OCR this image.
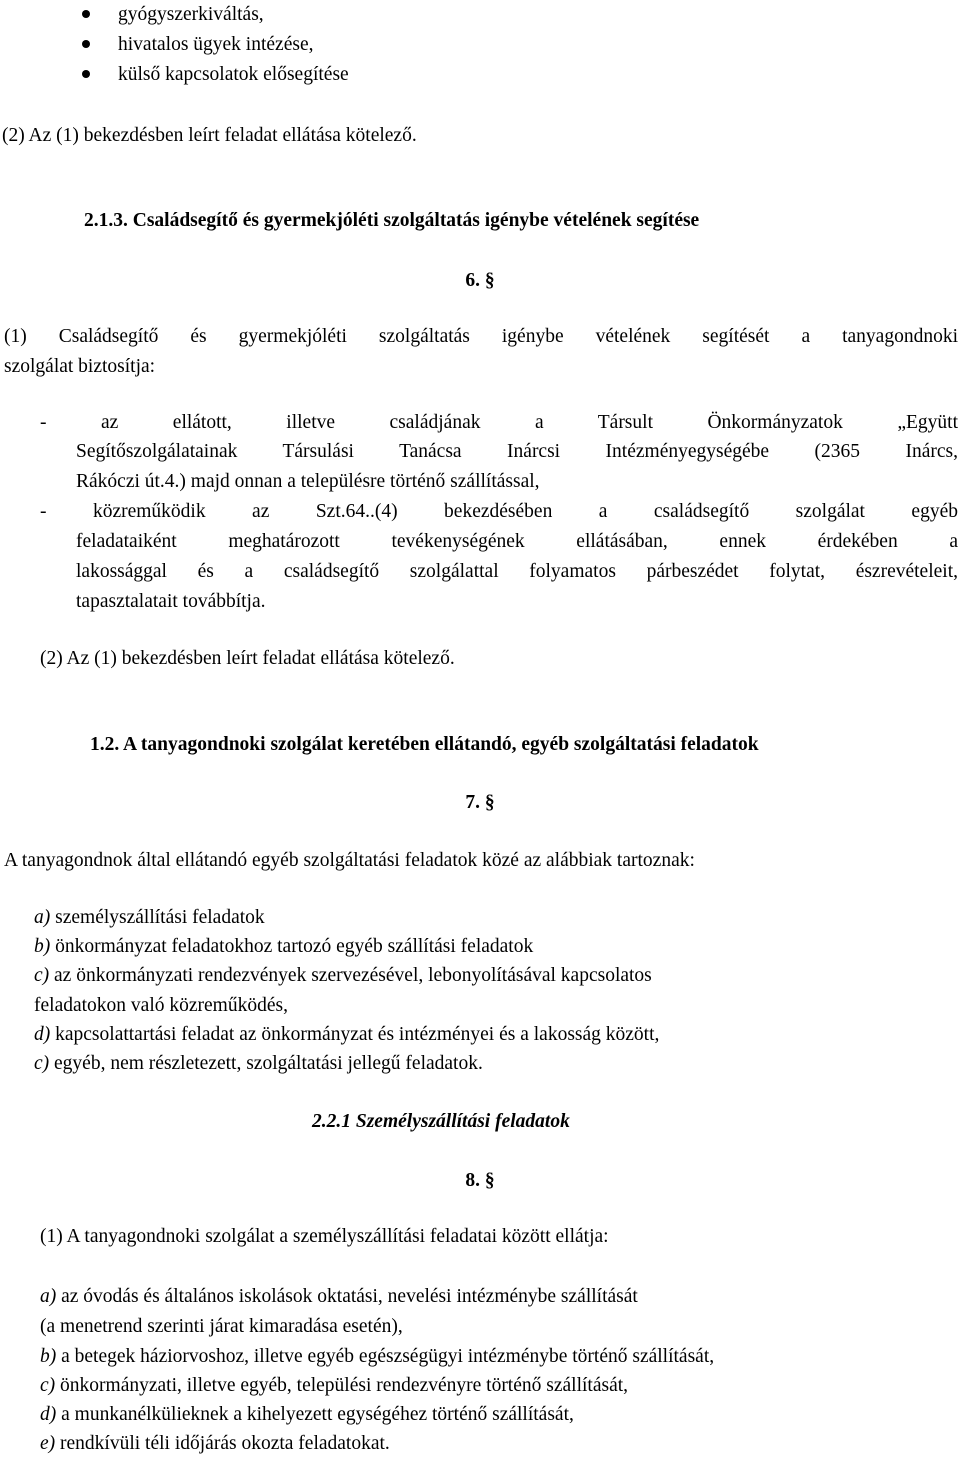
gyógyszerkiváltás,
hivatalos ügyek intézése,
külső kapcsolatok elősegítése
(2) Az (1) bekezdésben leírt feladat ellátása kötelező.
2.1.3. Családsegítő és gyermekjóléti szolgáltatás igénybe vételének segítése
6. §
(1) Családsegítő és gyermekjóléti szolgáltatás igénybe vételének segítését a tanyagondnoki
szolgálat biztosítja:
- az ellátott, illetve családjának a Társult Önkormányzatok „Együtt
Segítőszolgálatainak Társulási Tanácsa Inárcsi Intézményegységébe (2365 Inárcs,
Rákóczi út.4.) majd onnan a településre történő szállítással,
- közreműködik az Szt.64..(4) bekezdésében a családsegítő szolgálat egyéb
feladataiként meghatározott tevékenységének ellátásában, ennek érdekében a
lakossággal és a családsegítő szolgálattal folyamatos párbeszédet folytat, észrevételeit,
tapasztalatait továbbítja.
(2) Az (1) bekezdésben leírt feladat ellátása kötelező.
1.2. A tanyagondnoki szolgálat keretében ellátandó, egyéb szolgáltatási feladatok
7. §
A tanyagondnok által ellátandó egyéb szolgáltatási feladatok közé az alábbiak tartoznak:
a) személyszállítási feladatok
b) önkormányzat feladatokhoz tartozó egyéb szállítási feladatok
c) az önkormányzati rendezvények szervezésével, lebonyolításával kapcsolatos
feladatokon való közreműködés,
d) kapcsolattartási feladat az önkormányzat és intézményei és a lakosság között,
c) egyéb, nem részletezett, szolgáltatási jellegű feladatok.
2.2.1 Személyszállítási feladatok
8. §
(1) A tanyagondnoki szolgálat a személyszállítási feladatai között ellátja:
a) az óvodás és általános iskolások oktatási, nevelési intézménybe szállítását
(a menetrend szerinti járat kimaradása esetén),
b) a betegek háziorvoshoz, illetve egyéb egészségügyi intézménybe történő szállítását,
c) önkormányzati, illetve egyéb, települési rendezvényre történő szállítását,
d) a munkanélkülieknek a kihelyezett egységéhez történő szállítását,
e) rendkívüli téli időjárás okozta feladatokat.
